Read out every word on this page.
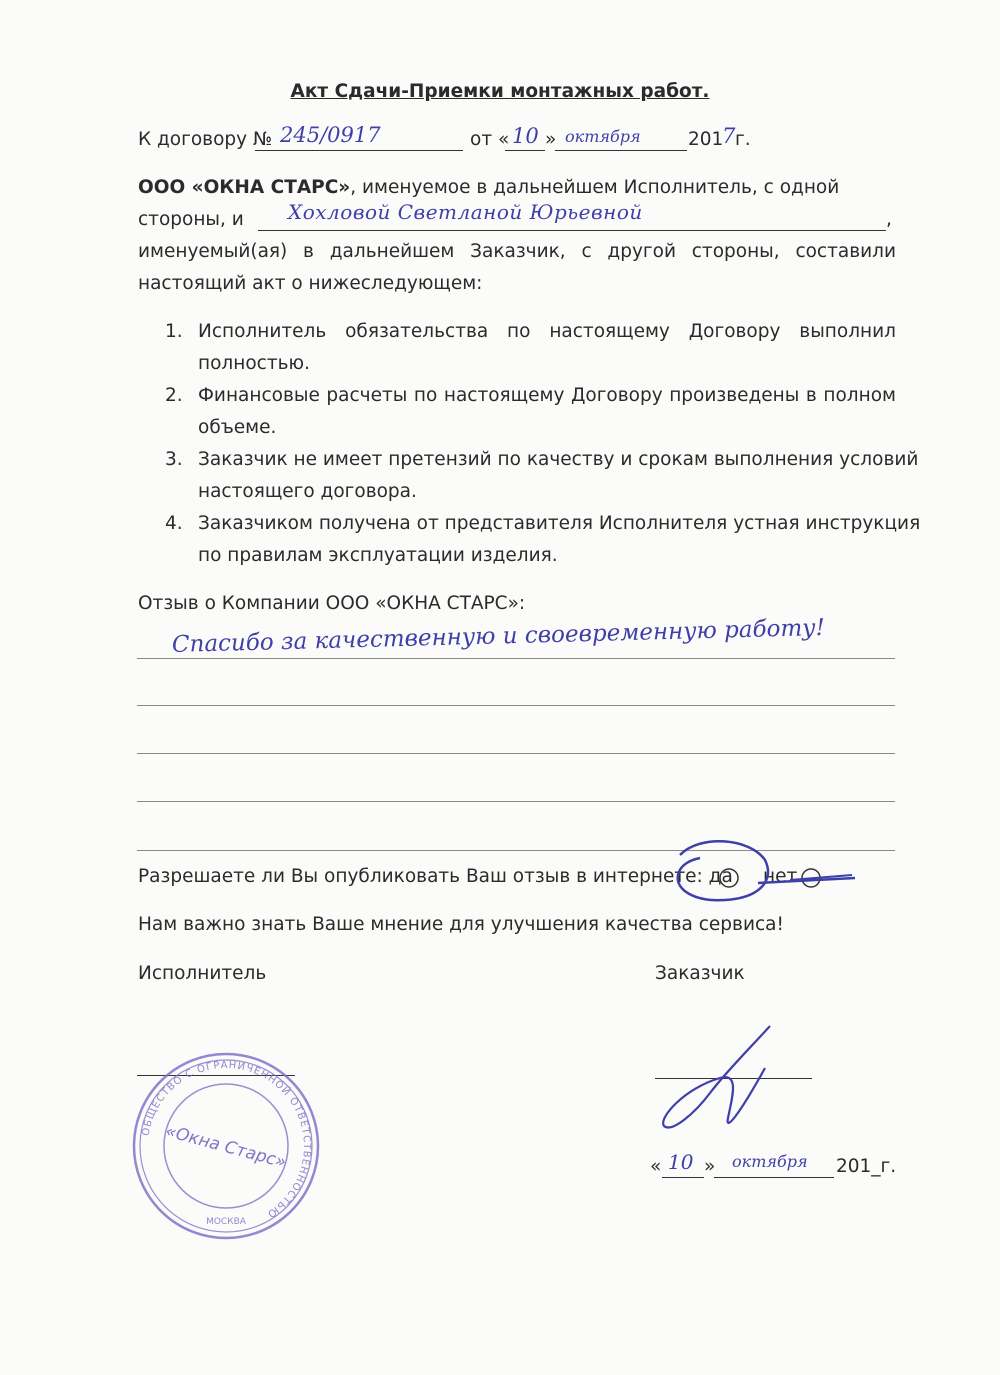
Акт Сдачи-Приемки монтажных работ.
К договору № 245/0917	от « 10 » октября	201
7 г.
ООО «ОКНА СТАРС», именуемое в дальнейшем Исполнитель, с одной
стороны, и Хохловой Светланой Юрьевной	,
именуемый(ая) в дальнейшем Заказчик, с другой стороны, составили
настоящий акт о нижеследующем:
1. Исполнитель обязательства по настоящему Договору выполнил
полностью.
2. Финансовые расчеты по настоящему Договору произведены в полном
объеме.
3. Заказчик не имеет претензий по качеству и срокам выполнения условий
настоящего договора.
4. Заказчиком получена от представителя Исполнителя устная инструкция
по правилам эксплуатации изделия.
Отзыв о Компании ООО «ОКНА СТАРС»:
Спасибо за качественную и своевременную работу!
Разрешаете ли Вы опубликовать Ваш отзыв в интернете: да нет
Нам важно знать Ваше мнение для улучшения качества сервиса!
Исполнитель	Заказчик
ОБЩЕСТВО С ОГРАНИЧЕННОЙ ОТВЕТСТВЕННОСТЬЮ
МОСКВА
«Окна Старс»	« 10 » октября 201_г.
